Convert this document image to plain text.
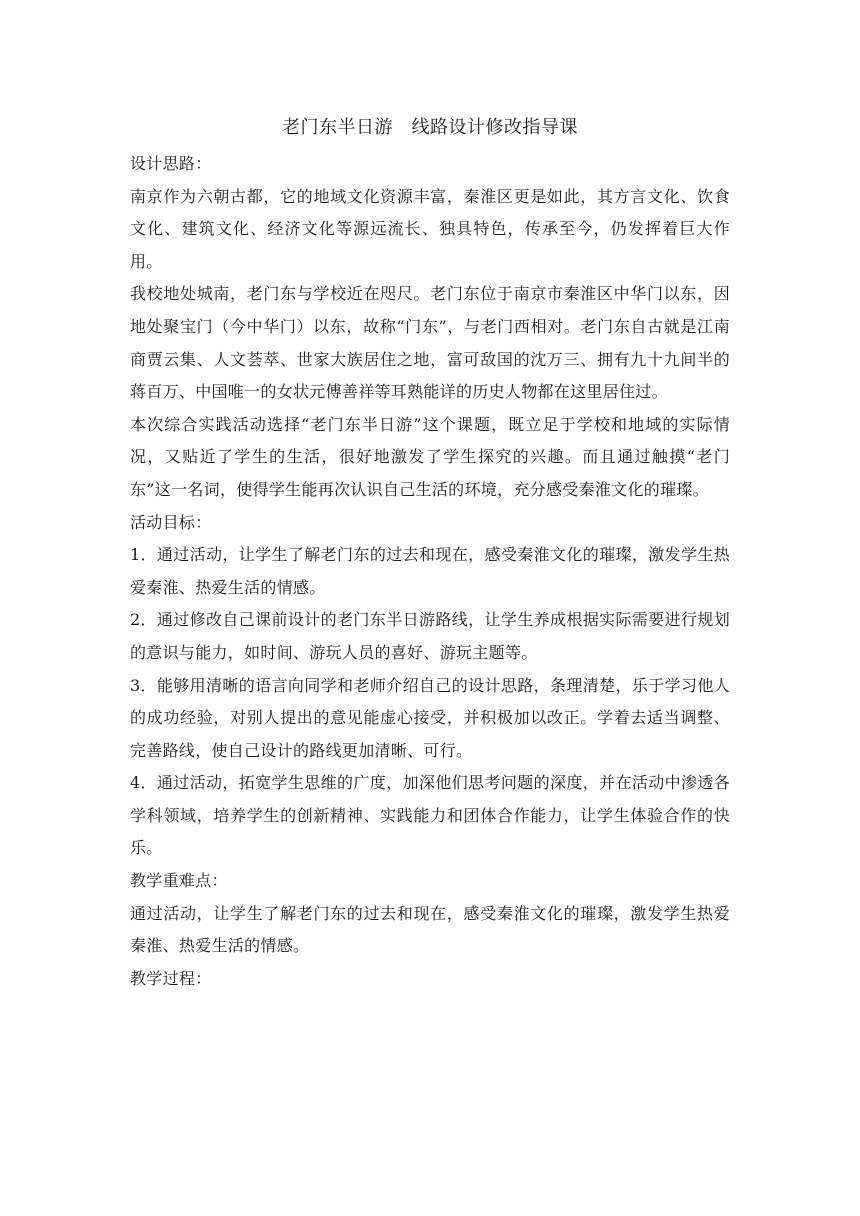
老门东半日游　线路设计修改指导课

设计思路：

南京作为六朝古都，它的地域文化资源丰富，秦淮区更是如此，其方言文化、饮食文化、建筑文化、经济文化等源远流长、独具特色，传承至今，仍发挥着巨大作用。

我校地处城南，老门东与学校近在咫尺。老门东位于南京市秦淮区中华门以东，因地处聚宝门（今中华门）以东，故称“门东”，与老门西相对。老门东自古就是江南商贾云集、人文荟萃、世家大族居住之地，富可敌国的沈万三、拥有九十九间半的蒋百万、中国唯一的女状元傅善祥等耳熟能详的历史人物都在这里居住过。

本次综合实践活动选择“老门东半日游”这个课题，既立足于学校和地域的实际情况，又贴近了学生的生活，很好地激发了学生探究的兴趣。而且通过触摸“老门东”这一名词，使得学生能再次认识自己生活的环境，充分感受秦淮文化的璀璨。

活动目标：

1．通过活动，让学生了解老门东的过去和现在，感受秦淮文化的璀璨，激发学生热爱秦淮、热爱生活的情感。

2．通过修改自己课前设计的老门东半日游路线，让学生养成根据实际需要进行规划的意识与能力，如时间、游玩人员的喜好、游玩主题等。

3．能够用清晰的语言向同学和老师介绍自己的设计思路，条理清楚，乐于学习他人的成功经验，对别人提出的意见能虚心接受，并积极加以改正。学着去适当调整、完善路线，使自己设计的路线更加清晰、可行。

4．通过活动，拓宽学生思维的广度，加深他们思考问题的深度，并在活动中渗透各学科领域，培养学生的创新精神、实践能力和团体合作能力，让学生体验合作的快乐。

教学重难点：

通过活动，让学生了解老门东的过去和现在，感受秦淮文化的璀璨，激发学生热爱秦淮、热爱生活的情感。

教学过程：
